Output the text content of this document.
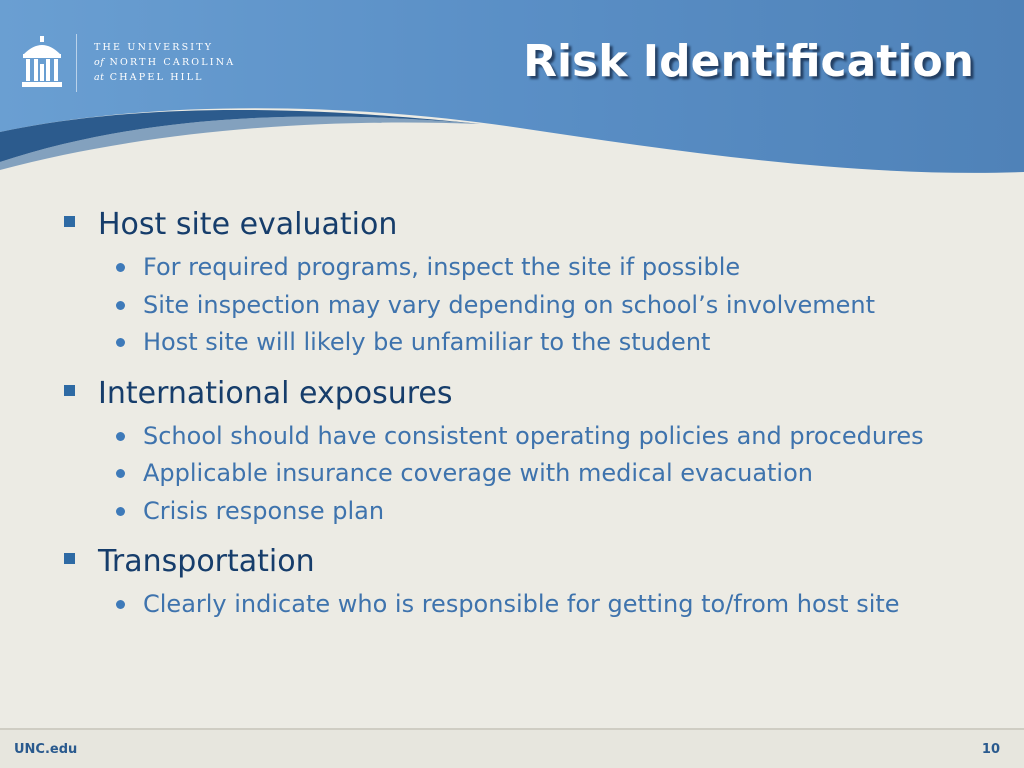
THE UNIVERSITY
of NORTH CAROLINA
at CHAPEL HILL	Risk Identification
Host site evaluation
For required programs, inspect the site if possible
Site inspection may vary depending on school’s involvement
Host site will likely be unfamiliar to the student
International exposures
School should have consistent operating policies and procedures
Applicable insurance coverage with medical evacuation
Crisis response plan
Transportation
Clearly indicate who is responsible for getting to/from host site
UNC.edu	10
